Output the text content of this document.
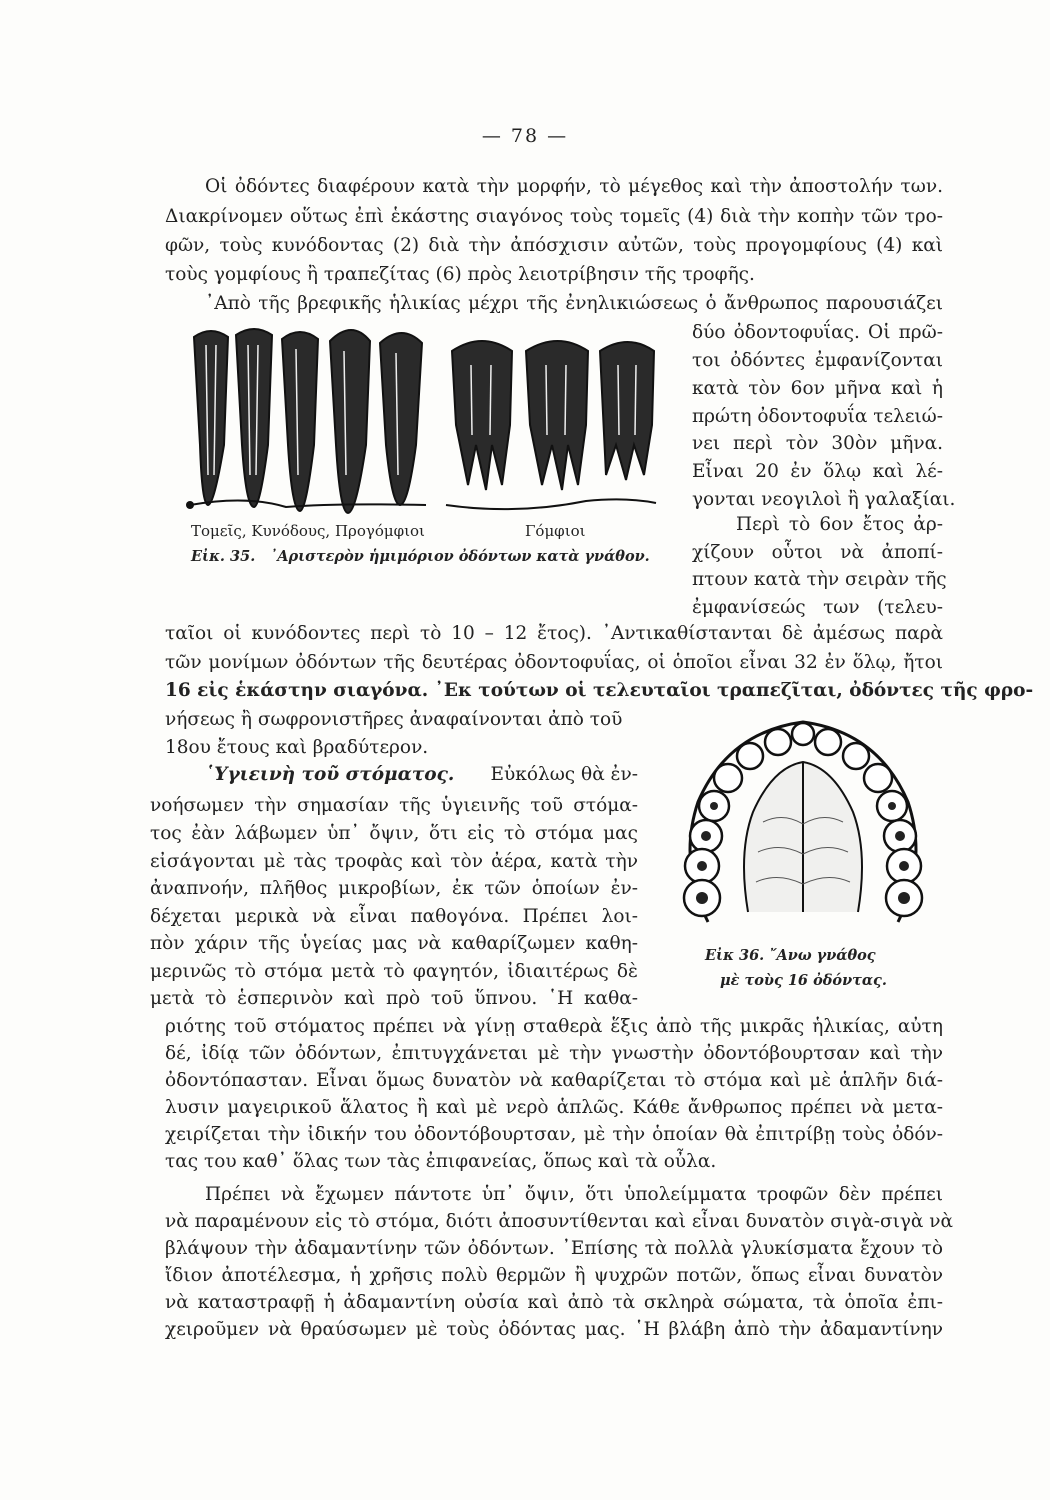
— 78 —
Οἱ ὀδόντες διαφέρουν κατὰ τὴν μορφήν, τὸ μέγεθος καὶ τὴν ἀποστολήν των.
Διακρίνομεν οὕτως ἐπὶ ἑκάστης σιαγόνος τοὺς τομεῖς (4) διὰ τὴν κοπὴν τῶν τρο-
φῶν, τοὺς κυνόδοντας (2) διὰ τὴν ἀπόσχισιν αὐτῶν, τοὺς προγομφίους (4) καὶ
τοὺς γομφίους ἢ τραπεζίτας (6) πρὸς λειοτρίβησιν τῆς τροφῆς.
᾿Απὸ τῆς βρεφικῆς ἡλικίας μέχρι τῆς ἐνηλικιώσεως ὁ ἄνθρωπος παρουσιάζει
δύο ὀδοντοφυΐας. Οἱ πρῶ-
τοι ὀδόντες ἐμφανίζονται
κατὰ τὸν 6ον μῆνα καὶ ἡ
πρώτη ὀδοντοφυΐα τελειώ-
νει περὶ τὸν 30ὸν μῆνα.
Εἶναι 20 ἐν ὅλῳ καὶ λέ-
γονται νεογιλοὶ ἢ γαλαξίαι.
Περὶ τὸ 6ον ἔτος ἀρ-
χίζουν οὗτοι νὰ ἀποπί-
πτουν κατὰ τὴν σειρὰν τῆς
ἐμφανίσεώς των (τελευ-
Τομεῖς, Κυνόδους, Προγόμφιοι	Γόμφιοι
Εἰκ. 35. ᾿Αριστερὸν ἡμιμόριον ὀδόντων κατὰ γνάθον.
ταῖοι οἱ κυνόδοντες περὶ τὸ 10 – 12 ἔτος). ᾿Αντικαθίστανται δὲ ἀμέσως παρὰ
τῶν μονίμων ὀδόντων τῆς δευτέρας ὀδοντοφυΐας, οἱ ὁποῖοι εἶναι 32 ἐν ὅλῳ, ἤτοι
16 εἰς ἑκάστην σιαγόνα. ᾿Εκ τούτων οἱ τελευταῖοι τραπεζῖται, ὀδόντες τῆς φρο-
νήσεως ἢ σωφρονιστῆρες ἀναφαίνονται ἀπὸ τοῦ
18ου ἔτους καὶ βραδύτερον.
῾Υγιεινὴ τοῦ στόματος.	Εὐκόλως θὰ ἐν-
νοήσωμεν τὴν σημασίαν τῆς ὑγιεινῆς τοῦ στόμα-
τος ἐὰν λάβωμεν ὑπ᾿ ὄψιν, ὅτι εἰς τὸ στόμα μας
εἰσάγονται μὲ τὰς τροφὰς καὶ τὸν ἀέρα, κατὰ τὴν
ἀναπνοήν, πλῆθος μικροβίων, ἐκ τῶν ὁποίων ἐν-
δέχεται μερικὰ νὰ εἶναι παθογόνα. Πρέπει λοι-
πὸν χάριν τῆς ὑγείας μας νὰ καθαρίζωμεν καθη-
μερινῶς τὸ στόμα μετὰ τὸ φαγητόν, ἰδιαιτέρως δὲ
μετὰ τὸ ἑσπερινὸν καὶ πρὸ τοῦ ὕπνου. ῾Η καθα-
Εἰκ 36. ῎Ανω γνάθος
μὲ τοὺς 16 ὀδόντας.
ριότης τοῦ στόματος πρέπει νὰ γίνῃ σταθερὰ ἕξις ἀπὸ τῆς μικρᾶς ἡλικίας, αὐτη
δέ, ἰδίᾳ τῶν ὀδόντων, ἐπιτυγχάνεται μὲ τὴν γνωστὴν ὀδοντόβουρτσαν καὶ τὴν
ὀδοντόπασταν. Εἶναι ὅμως δυνατὸν νὰ καθαρίζεται τὸ στόμα καὶ μὲ ἁπλῆν διά-
λυσιν μαγειρικοῦ ἅλατος ἢ καὶ μὲ νερὸ ἁπλῶς. Κάθε ἄνθρωπος πρέπει νὰ μετα-
χειρίζεται τὴν ἰδικήν του ὀδοντόβουρτσαν, μὲ τὴν ὁποίαν θὰ ἐπιτρίβῃ τοὺς ὀδόν-
τας του καθ᾿ ὅλας των τὰς ἐπιφανείας, ὅπως καὶ τὰ οὖλα.
Πρέπει νὰ ἔχωμεν πάντοτε ὑπ᾿ ὄψιν, ὅτι ὑπολείμματα τροφῶν δὲν πρέπει
νὰ παραμένουν εἰς τὸ στόμα, διότι ἀποσυντίθενται καὶ εἶναι δυνατὸν σιγὰ-σιγὰ νὰ
βλάψουν τὴν ἀδαμαντίνην τῶν ὀδόντων. ᾿Επίσης τὰ πολλὰ γλυκίσματα ἔχουν τὸ
ἴδιον ἀποτέλεσμα, ἡ χρῆσις πολὺ θερμῶν ἢ ψυχρῶν ποτῶν, ὅπως εἶναι δυνατὸν
νὰ καταστραφῇ ἡ ἀδαμαντίνη οὐσία καὶ ἀπὸ τὰ σκληρὰ σώματα, τὰ ὁποῖα ἐπι-
χειροῦμεν νὰ θραύσωμεν μὲ τοὺς ὀδόντας μας. ῾Η βλάβη ἀπὸ τὴν ἀδαμαντίνην
